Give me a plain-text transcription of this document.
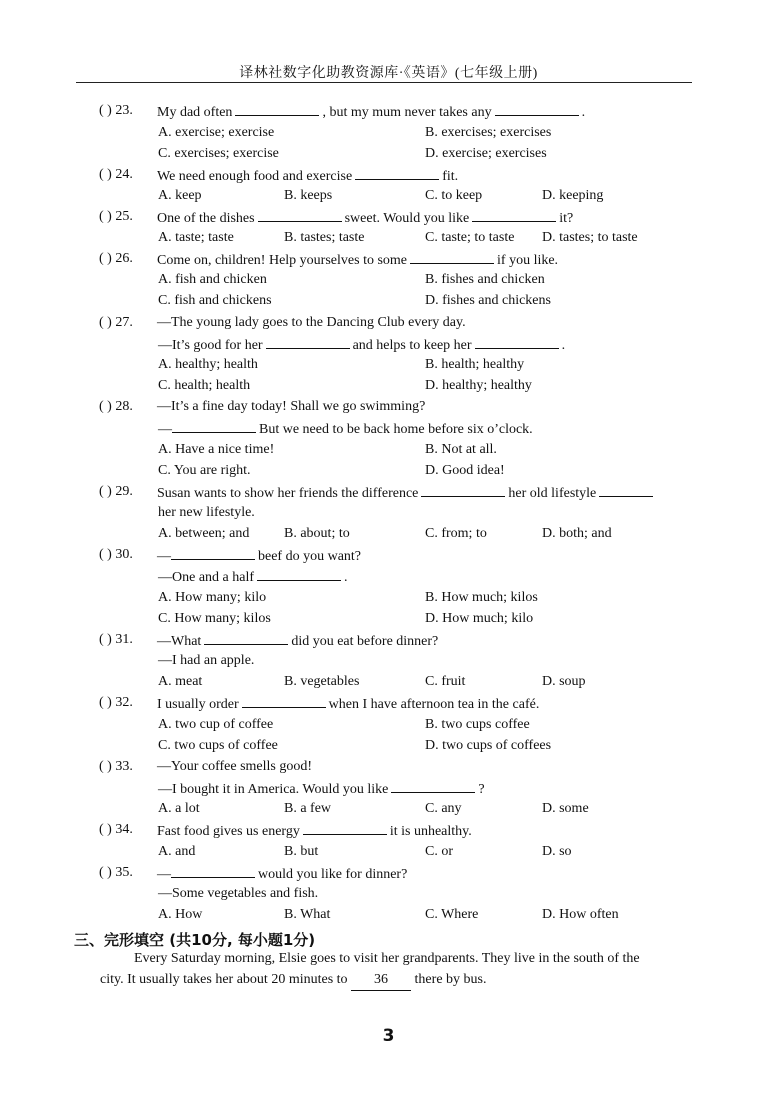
译林社数字化助教资源库·《英语》(七年级上册)
( ) 23. My dad often	, but my mum never takes any	.
A. exercise; exercise	B. exercises; exercises
C. exercises; exercise	D. exercise; exercises
( ) 24. We need enough food and exercise	fit.
A. keep	B. keeps	C. to keep	D. keeping
( ) 25. One of the dishes	sweet. Would you like	it?
A. taste; taste	B. tastes; taste	C. taste; to taste D. tastes; to taste
( ) 26. Come on, children! Help yourselves to some	if you like.
A. fish and chicken	B. fishes and chicken
C. fish and chickens	D. fishes and chickens
( ) 27. —The young lady goes to the Dancing Club every day.
—It’s good for her	and helps to keep her	.
A. healthy; health	B. health; healthy
C. health; health	D. healthy; healthy
( ) 28. —It’s a fine day today! Shall we go swimming?
—	But we need to be back home before six o’clock.
A. Have a nice time!	B. Not at all.
C. You are right.	D. Good idea!
( ) 29. Susan wants to show her friends the difference	her old lifestyle
her new lifestyle.
A. between; and B. about; to	C. from; to	D. both; and
( ) 30. —	beef do you want?
—One and a half	.
A. How many; kilo	B. How much; kilos
C. How many; kilos	D. How much; kilo
( ) 31. —What	did you eat before dinner?
—I had an apple.
A. meat	B. vegetables	C. fruit	D. soup
( ) 32. I usually order	when I have afternoon tea in the café.
A. two cup of coffee	B. two cups coffee
C. two cups of coffee	D. two cups of coffees
( ) 33. —Your coffee smells good!
—I bought it in America. Would you like	?
A. a lot	B. a few	C. any	D. some
( ) 34. Fast food gives us energy	it is unhealthy.
A. and	B. but	C. or	D. so
( ) 35. —	would you like for dinner?
—Some vegetables and fish.
A. How	B. What	C. Where	D. How often
三、完形填空 (共10分, 每小题1分)
Every Saturday morning, Elsie goes to visit her grandparents. They live in the south of the
city. It usually takes her about 20 minutes to 36 there by bus.
3
